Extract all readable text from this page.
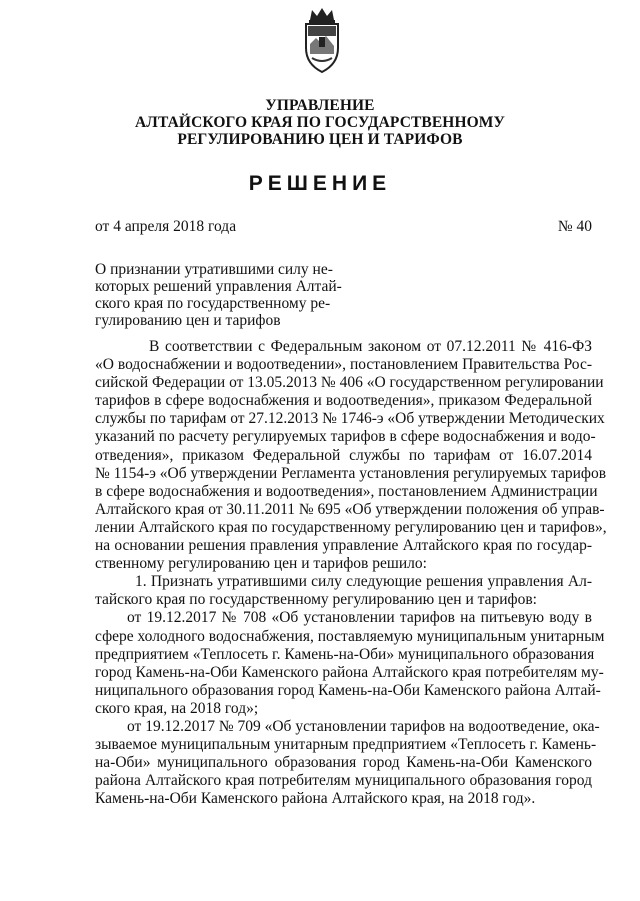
УПРАВЛЕНИЕ
АЛТАЙСКОГО КРАЯ ПО ГОСУДАРСТВЕННОМУ
РЕГУЛИРОВАНИЮ ЦЕН И ТАРИФОВ
РЕШЕНИЕ
от 4 апреля 2018 года	№ 40
О признании утратившими силу не-
которых решений управления Алтай-
ского края по государственному ре-
гулированию цен и тарифов
В соответствии с Федеральным законом от 07.12.2011 № 416-ФЗ
«О водоснабжении и водоотведении», постановлением Правительства Рос-
сийской Федерации от 13.05.2013 № 406 «О государственном регулировании
тарифов в сфере водоснабжения и водоотведения», приказом Федеральной
службы по тарифам от 27.12.2013 № 1746-э «Об утверждении Методических
указаний по расчету регулируемых тарифов в сфере водоснабжения и водо-
отведения», приказом Федеральной службы по тарифам от 16.07.2014
№ 1154-э «Об утверждении Регламента установления регулируемых тарифов
в сфере водоснабжения и водоотведения», постановлением Администрации
Алтайского края от 30.11.2011 № 695 «Об утверждении положения об управ-
лении Алтайского края по государственному регулированию цен и тарифов»,
на основании решения правления управление Алтайского края по государ-
ственному регулированию цен и тарифов решило:
1. Признать утратившими силу следующие решения управления Ал-
тайского края по государственному регулированию цен и тарифов:
от 19.12.2017 № 708 «Об установлении тарифов на питьевую воду в
сфере холодного водоснабжения, поставляемую муниципальным унитарным
предприятием «Теплосеть г. Камень-на-Оби» муниципального образования
город Камень-на-Оби Каменского района Алтайского края потребителям му-
ниципального образования город Камень-на-Оби Каменского района Алтай-
ского края, на 2018 год»;
от 19.12.2017 № 709 «Об установлении тарифов на водоотведение, ока-
зываемое муниципальным унитарным предприятием «Теплосеть г. Камень-
на-Оби» муниципального образования город Камень-на-Оби Каменского
района Алтайского края потребителям муниципального образования город
Камень-на-Оби Каменского района Алтайского края, на 2018 год».
